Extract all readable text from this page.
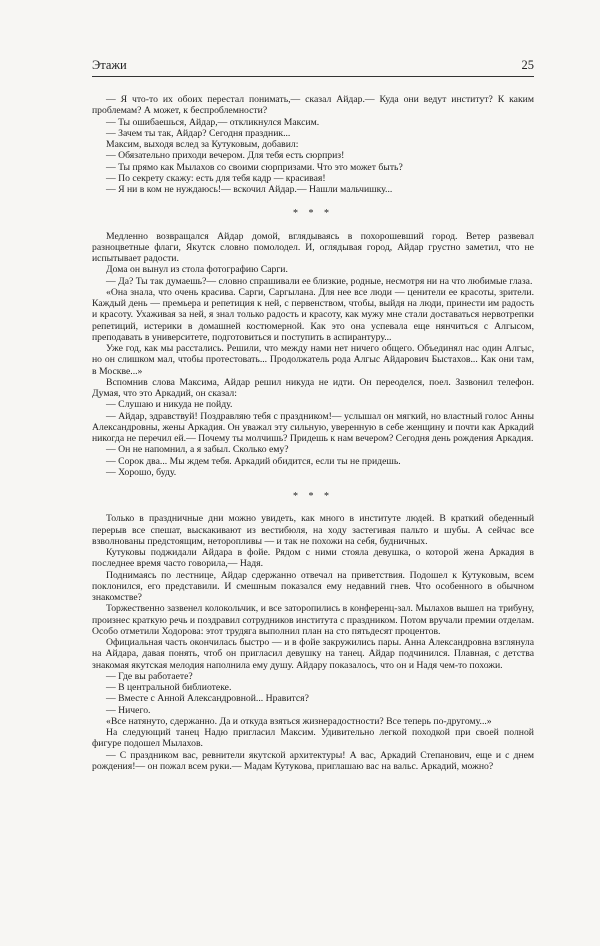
Этажи	25

— Я что-то их обоих перестал понимать,— сказал Айдар.— Куда они ведут институт? К каким проблемам? А может, к беспроблемности?

— Ты ошибаешься, Айдар,— откликнулся Максим.

— Зачем ты так, Айдар? Сегодня праздник...

Максим, выходя вслед за Кутуковым, добавил:

— Обязательно приходи вечером. Для тебя есть сюрприз!

— Ты прямо как Мылахов со своими сюрпризами. Что это может быть?

— По секрету скажу: есть для тебя кадр — красивая!

— Я ни в ком не нуждаюсь!— вскочил Айдар.— Нашли мальчишку...

* * *

Медленно возвращался Айдар домой, вглядываясь в похорошевший город. Ветер развевал разноцветные флаги, Якутск словно помолодел. И, оглядывая город, Айдар грустно заметил, что не испытывает радости.

Дома он вынул из стола фотографию Сарги.

— Да? Ты так думаешь?— словно спрашивали ее близкие, родные, несмотря ни на что любимые глаза.

«Она знала, что очень красива. Сарги, Саргылана. Для нее все люди — ценители ее красоты, зрители. Каждый день — премьера и репетиция к ней, с первенством, чтобы, выйдя на люди, принести им радость и красоту. Ухаживая за ней, я знал только радость и красоту, как мужу мне стали доставаться нервотрепки репетиций, истерики в домашней костюмерной. Как это она успевала еще нянчиться с Алгысом, преподавать в университете, подготовиться и поступить в аспирантуру...

Уже год, как мы расстались. Решили, что между нами нет ничего общего. Объединял нас один Алгыс, но он слишком мал, чтобы протестовать... Продолжатель рода Алгыс Айдарович Быстахов... Как они там, в Москве...»

Вспомнив слова Максима, Айдар решил никуда не идти. Он переоделся, поел. Зазвонил телефон. Думая, что это Аркадий, он сказал:

— Слушаю и никуда не пойду.

— Айдар, здравствуй! Поздравляю тебя с праздником!— услышал он мягкий, но властный голос Анны Александровны, жены Аркадия. Он уважал эту сильную, уверенную в себе женщину и почти как Аркадий никогда не перечил ей.— Почему ты молчишь? Придешь к нам вечером? Сегодня день рождения Аркадия.

— Он не напомнил, а я забыл. Сколько ему?

— Сорок два... Мы ждем тебя. Аркадий обидится, если ты не придешь.

— Хорошо, буду.

* * *

Только в праздничные дни можно увидеть, как много в институте людей. В краткий обеденный перерыв все спешат, выскакивают из вестибюля, на ходу застегивая пальто и шубы. А сейчас все взволнованы предстоящим, неторопливы — и так не похожи на себя, будничных.

Кутуковы поджидали Айдара в фойе. Рядом с ними стояла девушка, о которой жена Аркадия в последнее время часто говорила,— Надя.

Поднимаясь по лестнице, Айдар сдержанно отвечал на приветствия. Подошел к Кутуковым, всем поклонился, его представили. И смешным показался ему недавний гнев. Что особенного в обычном знакомстве?

Торжественно зазвенел колокольчик, и все заторопились в конференц-зал. Мылахов вышел на трибуну, произнес краткую речь и поздравил сотрудников института с праздником. Потом вручали премии отделам. Особо отметили Ходорова: этот трудяга выполнил план на сто пятьдесят процентов.

Официальная часть окончилась быстро — и в фойе закружились пары. Анна Александровна взглянула на Айдара, давая понять, чтоб он пригласил девушку на танец. Айдар подчинился. Плавная, с детства знакомая якутская мелодия наполнила ему душу. Айдару показалось, что он и Надя чем-то похожи.

— Где вы работаете?

— В центральной библиотеке.

— Вместе с Анной Александровной... Нравится?

— Ничего.

«Все натянуто, сдержанно. Да и откуда взяться жизнерадостности? Все теперь по-другому...»

На следующий танец Надю пригласил Максим. Удивительно легкой походкой при своей полной фигуре подошел Мылахов.

— С праздником вас, ревнители якутской архитектуры! А вас, Аркадий Степанович, еще и с днем рождения!— он пожал всем руки.— Мадам Кутукова, приглашаю вас на вальс. Аркадий, можно?
